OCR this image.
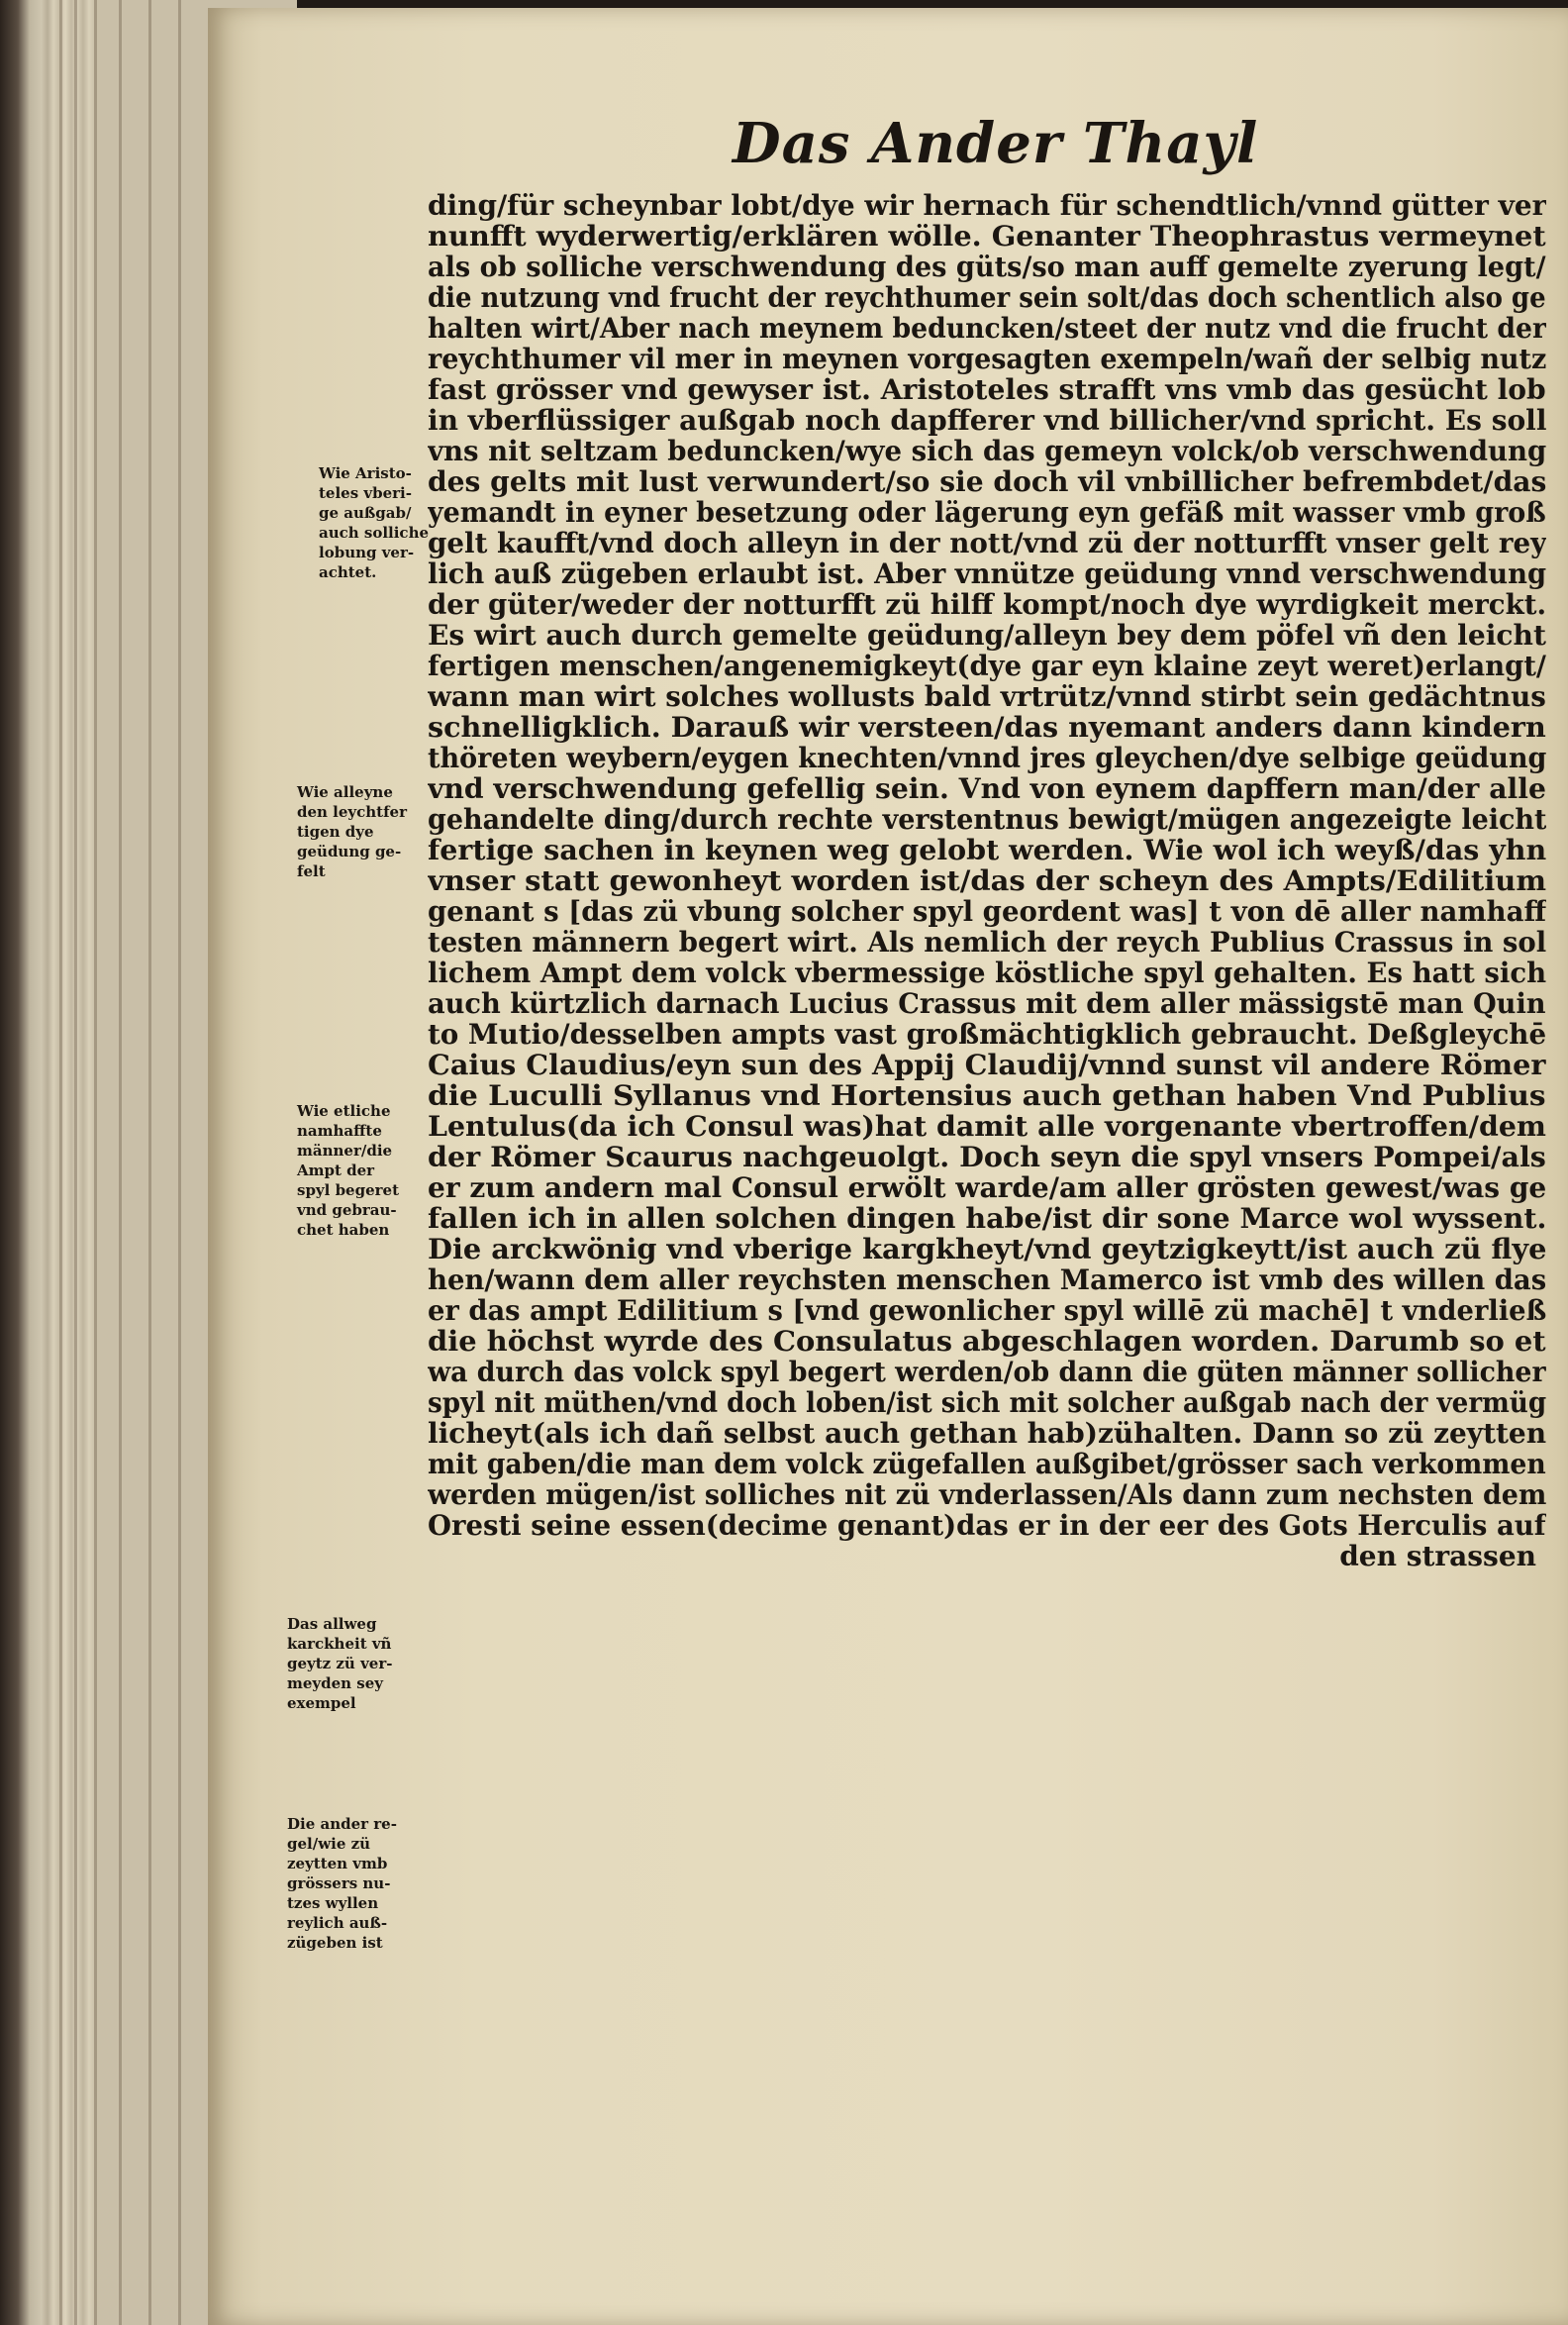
Das Ander Thayl
ding/für scheynbar lobt/dye wir hernach für schendtlich/vnnd gütter ver
nunfft wyderwertig/erklären wölle. Genanter Theophrastus vermeynet
als ob solliche verschwendung des güts/so man auff gemelte zyerung legt/
die nutzung vnd frucht der reychthumer sein solt/das doch schentlich also ge
halten wirt/Aber nach meynem beduncken/steet der nutz vnd die frucht der
reychthumer vil mer in meynen vorgesagten exempeln/wañ der selbig nutz
fast grösser vnd gewyser ist. Aristoteles strafft vns vmb das gesücht lob
in vberflüssiger außgab noch dapfferer vnd billicher/vnd spricht. Es soll
vns nit seltzam beduncken/wye sich das gemeyn volck/ob verschwendung
des gelts mit lust verwundert/so sie doch vil vnbillicher befrembdet/das
yemandt in eyner besetzung oder lägerung eyn gefäß mit wasser vmb groß
gelt kaufft/vnd doch alleyn in der nott/vnd zü der notturfft vnser gelt rey
lich auß zügeben erlaubt ist. Aber vnnütze geüdung vnnd verschwendung
der güter/weder der notturfft zü hilff kompt/noch dye wyrdigkeit merckt.
Es wirt auch durch gemelte geüdung/alleyn bey dem pöfel vñ den leicht
fertigen menschen/angenemigkeyt(dye gar eyn klaine zeyt weret)erlangt/
wann man wirt solches wollusts bald vrtrütz/vnnd stirbt sein gedächtnus
schnelligklich. Darauß wir versteen/das nyemant anders dann kindern
thöreten weybern/eygen knechten/vnnd jres gleychen/dye selbige geüdung
vnd verschwendung gefellig sein. Vnd von eynem dapffern man/der alle
gehandelte ding/durch rechte verstentnus bewigt/mügen angezeigte leicht
fertige sachen in keynen weg gelobt werden. Wie wol ich weyß/das yhn
vnser statt gewonheyt worden ist/das der scheyn des Ampts/Edilitium
genant s [das zü vbung solcher spyl geordent was] t von dē aller namhaff
testen männern begert wirt. Als nemlich der reych Publius Crassus in sol
lichem Ampt dem volck vbermessige köstliche spyl gehalten. Es hatt sich
auch kürtzlich darnach Lucius Crassus mit dem aller mässigstē man Quin
to Mutio/desselben ampts vast großmächtigklich gebraucht. Deßgleychē
Caius Claudius/eyn sun des Appij Claudij/vnnd sunst vil andere Römer
die Luculli Syllanus vnd Hortensius auch gethan haben Vnd Publius
Lentulus(da ich Consul was)hat damit alle vorgenante vbertroffen/dem
der Römer Scaurus nachgeuolgt. Doch seyn die spyl vnsers Pompei/als
er zum andern mal Consul erwölt warde/am aller grösten gewest/was ge
fallen ich in allen solchen dingen habe/ist dir sone Marce wol wyssent.
Die arckwönig vnd vberige kargkheyt/vnd geytzigkeytt/ist auch zü flye
hen/wann dem aller reychsten menschen Mamerco ist vmb des willen das
er das ampt Edilitium s [vnd gewonlicher spyl willē zü machē] t vnderließ
die höchst wyrde des Consulatus abgeschlagen worden. Darumb so et
wa durch das volck spyl begert werden/ob dann die güten männer sollicher
spyl nit müthen/vnd doch loben/ist sich mit solcher außgab nach der vermüg
licheyt(als ich dañ selbst auch gethan hab)zühalten. Dann so zü zeytten
mit gaben/die man dem volck zügefallen außgibet/grösser sach verkommen
werden mügen/ist solliches nit zü vnderlassen/Als dann zum nechsten dem
Oresti seine essen(decime genant)das er in der eer des Gots Herculis auf
den strassen
Wie Aristo-
teles vberi-
ge außgab/
auch solliche
lobung ver-
achtet.
Wie alleyne
den leychtfer
tigen dye
geüdung ge-
felt
Wie etliche
namhaffte
männer/die
Ampt der
spyl begeret
vnd gebrau-
chet haben
Das allweg
karckheit vñ
geytz zü ver-
meyden sey
exempel
Die ander re-
gel/wie zü
zeytten vmb
grössers nu-
tzes wyllen
reylich auß-
zügeben ist
